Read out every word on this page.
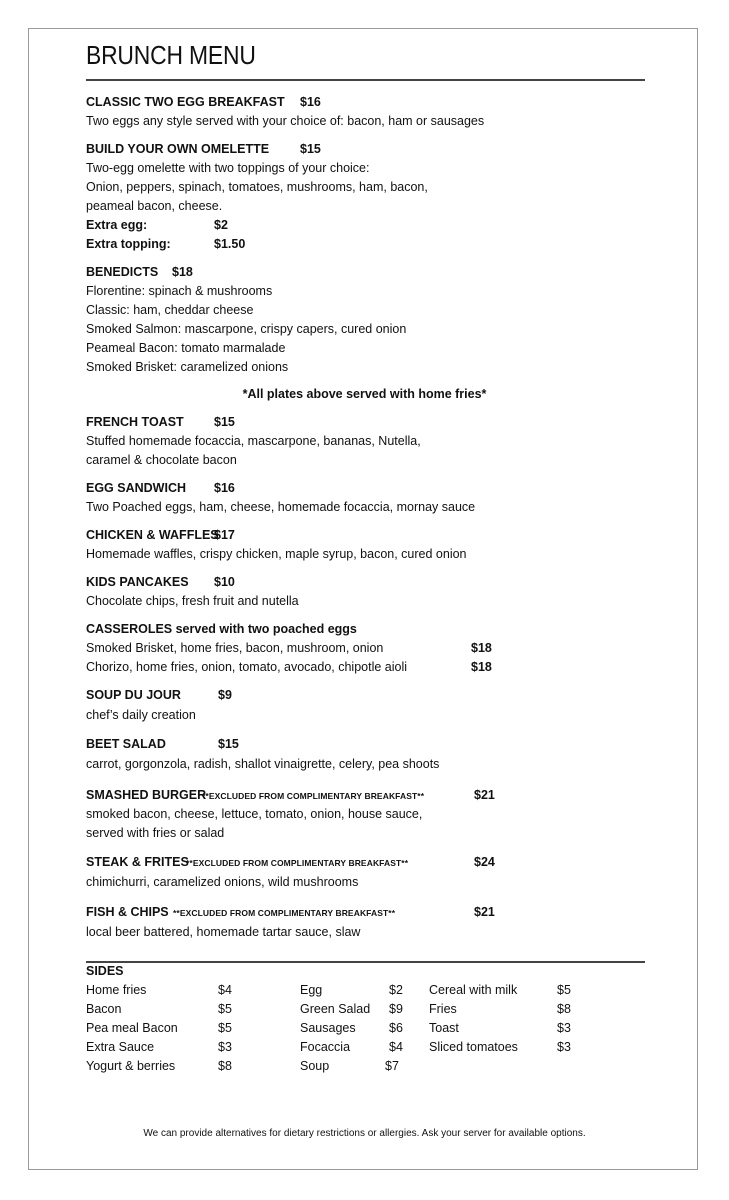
BRUNCH MENU
CLASSIC TWO EGG BREAKFAST $16
Two eggs any style served with your choice of: bacon, ham or sausages
BUILD YOUR OWN OMELETTE $15
Two-egg omelette with two toppings of your choice:
Onion, peppers, spinach, tomatoes, mushrooms, ham, bacon,
peameal bacon, cheese.
Extra egg:	$2
Extra topping:	$1.50
BENEDICTS $18
Florentine: spinach & mushrooms
Classic: ham, cheddar cheese
Smoked Salmon: mascarpone, crispy capers, cured onion
Peameal Bacon: tomato marmalade
Smoked Brisket: caramelized onions
*All plates above served with home fries*
FRENCH TOAST $15
Stuffed homemade focaccia, mascarpone, bananas, Nutella,
caramel & chocolate bacon
EGG SANDWICH $16
Two Poached eggs, ham, cheese, homemade focaccia, mornay sauce
CHICKEN & WAFFLES
$17
Homemade waffles, crispy chicken, maple syrup, bacon, cured onion
KIDS PANCAKES $10
Chocolate chips, fresh fruit and nutella
CASSEROLES served with two poached eggs
Smoked Brisket, home fries, bacon, mushroom, onion	$18
Chorizo, home fries, onion, tomato, avocado, chipotle aioli	$18
SOUP DU JOUR	$9
chef’s daily creation
BEET SALAD	$15
carrot, gorgonzola, radish, shallot vinaigrette, celery, pea shoots
SMASHED BURGER
**EXCLUDED FROM COMPLIMENTARY BREAKFAST**	$21
smoked bacon, cheese, lettuce, tomato, onion, house sauce,
served with fries or salad
STEAK & FRITES
**EXCLUDED FROM COMPLIMENTARY BREAKFAST**	$24
chimichurri, caramelized onions, wild mushrooms
FISH & CHIPS **EXCLUDED FROM COMPLIMENTARY BREAKFAST**	$21
local beer battered, homemade tartar sauce, slaw
SIDES
Home fries	$4
Bacon	$5
Pea meal Bacon	$5
Extra Sauce	$3
Yogurt & berries	$8
Egg	$2
Green Salad $9
Sausages	$6
Focaccia	$4
Soup	$7
Cereal with milk	$5
Fries	$8
Toast	$3
Sliced tomatoes	$3
We can provide alternatives for dietary restrictions or allergies. Ask your server for available options.
